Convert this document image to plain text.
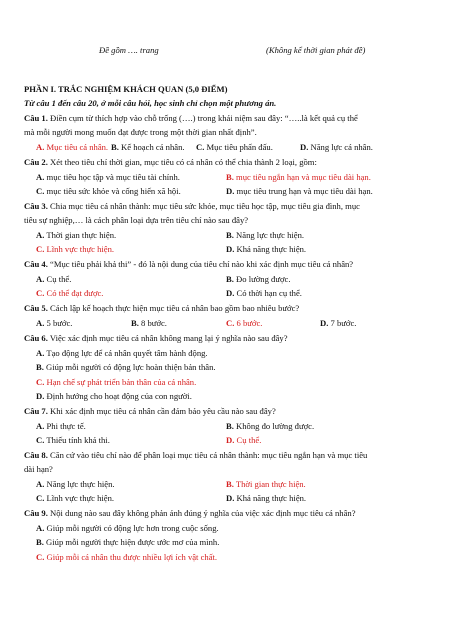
Đề gồm …. trang	(Không kể thời gian phát đề)
PHẦN I. TRẮC NGHIỆM KHÁCH QUAN (5,0 ĐIỂM)
Từ câu 1 đến câu 20, ở mỗi câu hỏi, học sinh chỉ chọn một phương án.
Câu 1. Điền cụm từ thích hợp vào chỗ trống (….) trong khái niệm sau đây: “…..là kết quả cụ thể
mà mỗi người mong muốn đạt được trong một thời gian nhất định”.
A. Mục tiêu cá nhân. B. Kế hoạch cá nhân. C. Mục tiêu phấn đấu.	D. Năng lực cá nhân.
Câu 2. Xét theo tiêu chí thời gian, mục tiêu có cá nhân có thể chia thành 2 loại, gồm:
A. mục tiêu học tập và mục tiêu tài chính.	B. mục tiêu ngắn hạn và mục tiêu dài hạn.
C. mục tiêu sức khỏe và cống hiến xã hội.	D. mục tiêu trung hạn và mục tiêu dài hạn.
Câu 3. Chia mục tiêu cá nhân thành: mục tiêu sức khỏe, mục tiêu học tập, mục tiêu gia đình, mục
tiêu sự nghiệp,… là cách phân loại dựa trên tiêu chí nào sau đây?
A. Thời gian thực hiện.	B. Năng lực thực hiện.
C. Lĩnh vực thực hiện.	D. Khả năng thực hiện.
Câu 4. “Mục tiêu phải khả thi” - đó là nội dung của tiêu chí nào khi xác định mục tiêu cá nhân?
A. Cụ thể.	B. Đo lường được.
C. Có thể đạt được.	D. Có thời hạn cụ thể.
Câu 5. Cách lập kế hoạch thực hiện mục tiêu cá nhân bao gồm bao nhiêu bước?
A. 5 bước.	B. 8 bước.	C. 6 bước.	D. 7 bước.
Câu 6. Việc xác định mục tiêu cá nhân không mang lại ý nghĩa nào sau đây?
A. Tạo động lực để cá nhân quyết tâm hành động.
B. Giúp mỗi người có động lực hoàn thiện bản thân.
C. Hạn chế sự phát triển bản thân của cá nhân.
D. Định hướng cho hoạt động của con người.
Câu 7. Khi xác định mục tiêu cá nhân cần đảm bảo yêu cầu nào sau đây?
A. Phi thực tế.	B. Không đo lường được.
C. Thiếu tính khả thi.	D. Cụ thể.
Câu 8. Căn cứ vào tiêu chí nào để phân loại mục tiêu cá nhân thành: mục tiêu ngắn hạn và mục tiêu
dài hạn?
A. Năng lực thực hiện.	B. Thời gian thực hiện.
C. Lĩnh vực thực hiện.	D. Khả năng thực hiện.
Câu 9. Nội dung nào sau đây không phản ánh đúng ý nghĩa của việc xác định mục tiêu cá nhân?
A. Giúp mỗi người có động lực hơn trong cuộc sống.
B. Giúp mỗi người thực hiện được ước mơ của mình.
C. Giúp mỗi cá nhân thu được nhiều lợi ích vật chất.
